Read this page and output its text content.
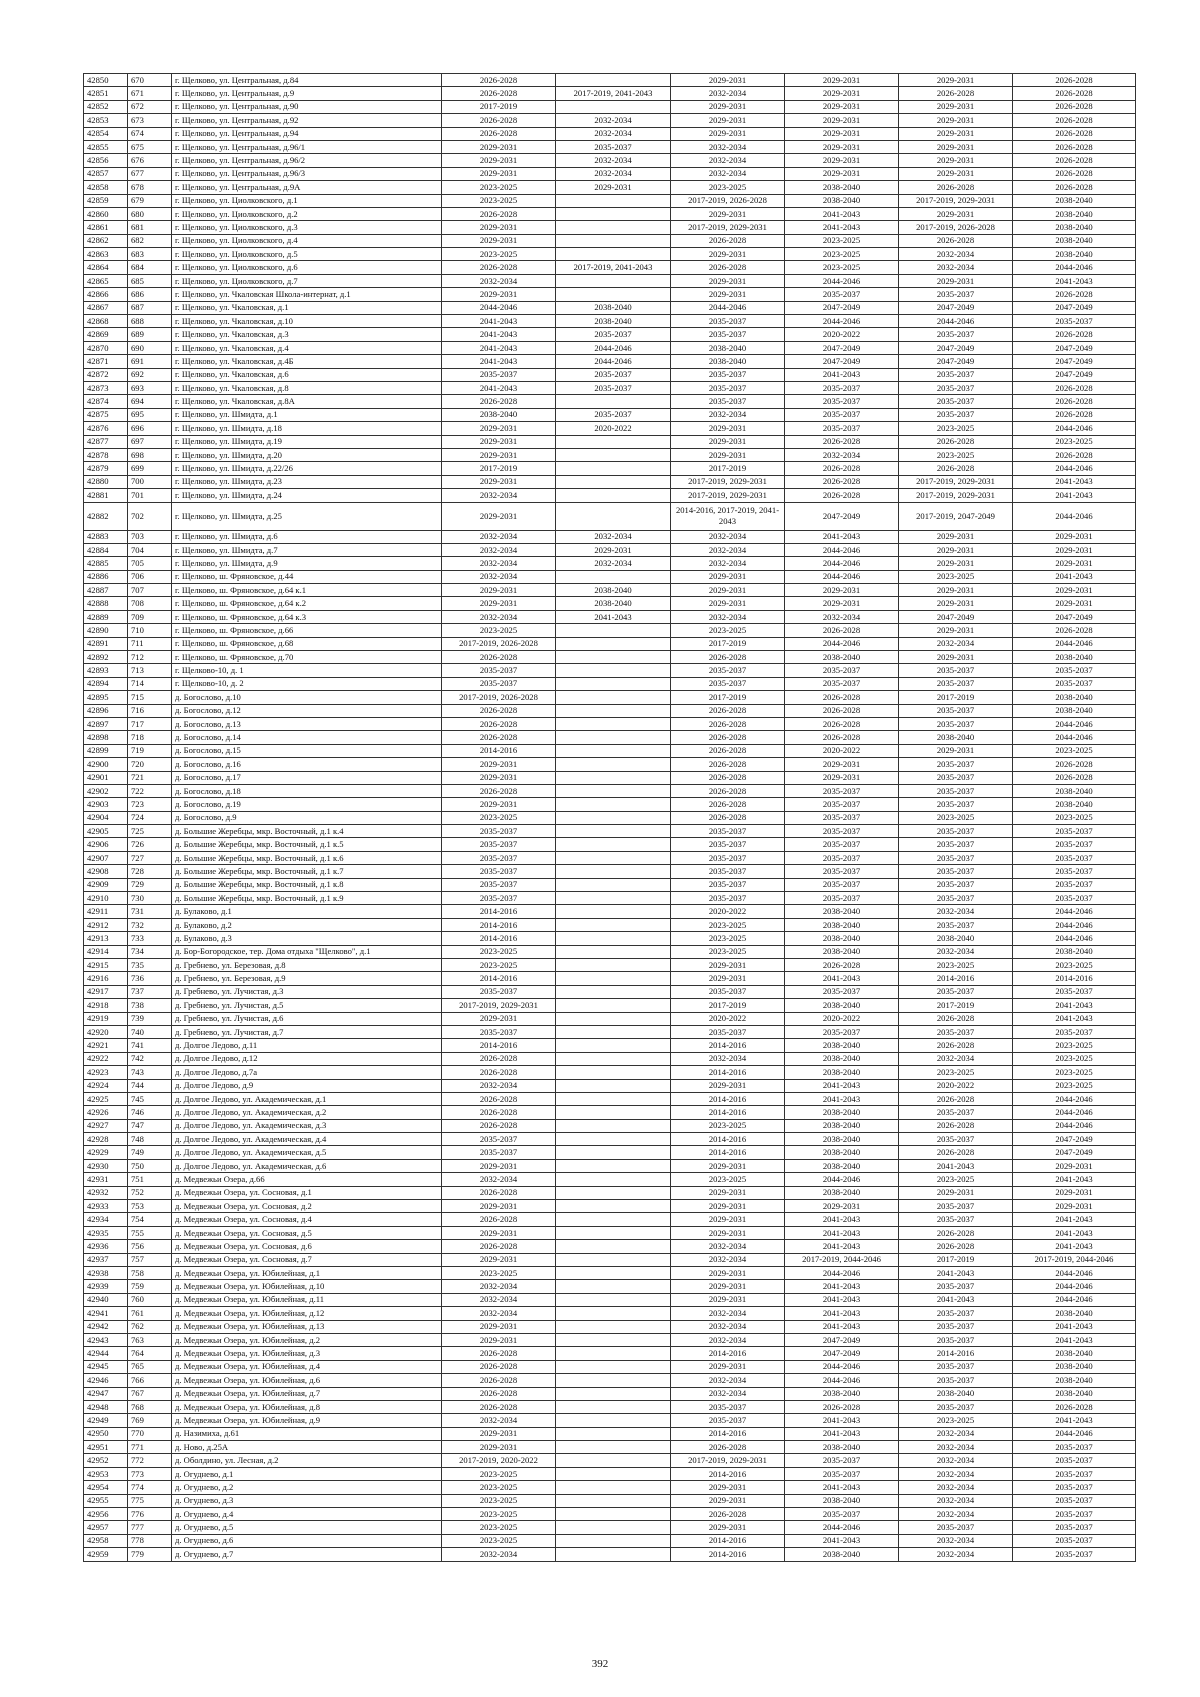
42850	670	г. Щелково, ул. Центральная, д.84	2026-2028		2029-2031	2029-2031	2029-2031	2026-2028
42851	671	г. Щелково, ул. Центральная, д.9	2026-2028	2017-2019, 2041-2043	2032-2034	2029-2031	2026-2028	2026-2028
42852	672	г. Щелково, ул. Центральная, д.90	2017-2019		2029-2031	2029-2031	2029-2031	2026-2028
42853	673	г. Щелково, ул. Центральная, д.92	2026-2028	2032-2034	2029-2031	2029-2031	2029-2031	2026-2028
42854	674	г. Щелково, ул. Центральная, д.94	2026-2028	2032-2034	2029-2031	2029-2031	2029-2031	2026-2028
42855	675	г. Щелково, ул. Центральная, д.96/1	2029-2031	2035-2037	2032-2034	2029-2031	2029-2031	2026-2028
42856	676	г. Щелково, ул. Центральная, д.96/2	2029-2031	2032-2034	2032-2034	2029-2031	2029-2031	2026-2028
42857	677	г. Щелково, ул. Центральная, д.96/3	2029-2031	2032-2034	2032-2034	2029-2031	2029-2031	2026-2028
42858	678	г. Щелково, ул. Центральная, д.9А	2023-2025	2029-2031	2023-2025	2038-2040	2026-2028	2026-2028
42859	679	г. Щелково, ул. Циолковского, д.1	2023-2025		2017-2019, 2026-2028	2038-2040	2017-2019, 2029-2031	2038-2040
42860	680	г. Щелково, ул. Циолковского, д.2	2026-2028		2029-2031	2041-2043	2029-2031	2038-2040
42861	681	г. Щелково, ул. Циолковского, д.3	2029-2031		2017-2019, 2029-2031	2041-2043	2017-2019, 2026-2028	2038-2040
42862	682	г. Щелково, ул. Циолковского, д.4	2029-2031		2026-2028	2023-2025	2026-2028	2038-2040
42863	683	г. Щелково, ул. Циолковского, д.5	2023-2025		2029-2031	2023-2025	2032-2034	2038-2040
42864	684	г. Щелково, ул. Циолковского, д.6	2026-2028	2017-2019, 2041-2043	2026-2028	2023-2025	2032-2034	2044-2046
42865	685	г. Щелково, ул. Циолковского, д.7	2032-2034		2029-2031	2044-2046	2029-2031	2041-2043
42866	686	г. Щелково, ул. Чкаловская Школа-интернат, д.1	2029-2031		2029-2031	2035-2037	2035-2037	2026-2028
42867	687	г. Щелково, ул. Чкаловская, д.1	2044-2046	2038-2040	2044-2046	2047-2049	2047-2049	2047-2049
42868	688	г. Щелково, ул. Чкаловская, д.10	2041-2043	2038-2040	2035-2037	2044-2046	2044-2046	2035-2037
42869	689	г. Щелково, ул. Чкаловская, д.3	2041-2043	2035-2037	2035-2037	2020-2022	2035-2037	2026-2028
42870	690	г. Щелково, ул. Чкаловская, д.4	2041-2043	2044-2046	2038-2040	2047-2049	2047-2049	2047-2049
42871	691	г. Щелково, ул. Чкаловская, д.4Б	2041-2043	2044-2046	2038-2040	2047-2049	2047-2049	2047-2049
42872	692	г. Щелково, ул. Чкаловская, д.6	2035-2037	2035-2037	2035-2037	2041-2043	2035-2037	2047-2049
42873	693	г. Щелково, ул. Чкаловская, д.8	2041-2043	2035-2037	2035-2037	2035-2037	2035-2037	2026-2028
42874	694	г. Щелково, ул. Чкаловская, д.8А	2026-2028		2035-2037	2035-2037	2035-2037	2026-2028
42875	695	г. Щелково, ул. Шмидта, д.1	2038-2040	2035-2037	2032-2034	2035-2037	2035-2037	2026-2028
42876	696	г. Щелково, ул. Шмидта, д.18	2029-2031	2020-2022	2029-2031	2035-2037	2023-2025	2044-2046
42877	697	г. Щелково, ул. Шмидта, д.19	2029-2031		2029-2031	2026-2028	2026-2028	2023-2025
42878	698	г. Щелково, ул. Шмидта, д.20	2029-2031		2029-2031	2032-2034	2023-2025	2026-2028
42879	699	г. Щелково, ул. Шмидта, д.22/26	2017-2019		2017-2019	2026-2028	2026-2028	2044-2046
42880	700	г. Щелково, ул. Шмидта, д.23	2029-2031		2017-2019, 2029-2031	2026-2028	2017-2019, 2029-2031	2041-2043
42881	701	г. Щелково, ул. Шмидта, д.24	2032-2034		2017-2019, 2029-2031	2026-2028	2017-2019, 2029-2031	2041-2043
42882	702	г. Щелково, ул. Шмидта, д.25	2029-2031		2014-2016, 2017-2019, 2041-2043	2047-2049	2017-2019, 2047-2049	2044-2046
42883	703	г. Щелково, ул. Шмидта, д.6	2032-2034	2032-2034	2032-2034	2041-2043	2029-2031	2029-2031
42884	704	г. Щелково, ул. Шмидта, д.7	2032-2034	2029-2031	2032-2034	2044-2046	2029-2031	2029-2031
42885	705	г. Щелково, ул. Шмидта, д.9	2032-2034	2032-2034	2032-2034	2044-2046	2029-2031	2029-2031
42886	706	г. Щелково, ш. Фряновское, д.44	2032-2034		2029-2031	2044-2046	2023-2025	2041-2043
42887	707	г. Щелково, ш. Фряновское, д.64 к.1	2029-2031	2038-2040	2029-2031	2029-2031	2029-2031	2029-2031
42888	708	г. Щелково, ш. Фряновское, д.64 к.2	2029-2031	2038-2040	2029-2031	2029-2031	2029-2031	2029-2031
42889	709	г. Щелково, ш. Фряновское, д.64 к.3	2032-2034	2041-2043	2032-2034	2032-2034	2047-2049	2047-2049
42890	710	г. Щелково, ш. Фряновское, д.66	2023-2025		2023-2025	2026-2028	2029-2031	2026-2028
42891	711	г. Щелково, ш. Фряновское, д.68	2017-2019, 2026-2028		2017-2019	2044-2046	2032-2034	2044-2046
42892	712	г. Щелково, ш. Фряновское, д.70	2026-2028		2026-2028	2038-2040	2029-2031	2038-2040
42893	713	г. Щелково-10, д. 1	2035-2037		2035-2037	2035-2037	2035-2037	2035-2037
42894	714	г. Щелково-10, д. 2	2035-2037		2035-2037	2035-2037	2035-2037	2035-2037
42895	715	д. Богослово, д.10	2017-2019, 2026-2028		2017-2019	2026-2028	2017-2019	2038-2040
42896	716	д. Богослово, д.12	2026-2028		2026-2028	2026-2028	2035-2037	2038-2040
42897	717	д. Богослово, д.13	2026-2028		2026-2028	2026-2028	2035-2037	2044-2046
42898	718	д. Богослово, д.14	2026-2028		2026-2028	2026-2028	2038-2040	2044-2046
42899	719	д. Богослово, д.15	2014-2016		2026-2028	2020-2022	2029-2031	2023-2025
42900	720	д. Богослово, д.16	2029-2031		2026-2028	2029-2031	2035-2037	2026-2028
42901	721	д. Богослово, д.17	2029-2031		2026-2028	2029-2031	2035-2037	2026-2028
42902	722	д. Богослово, д.18	2026-2028		2026-2028	2035-2037	2035-2037	2038-2040
42903	723	д. Богослово, д.19	2029-2031		2026-2028	2035-2037	2035-2037	2038-2040
42904	724	д. Богослово, д.9	2023-2025		2026-2028	2035-2037	2023-2025	2023-2025
42905	725	д. Большие Жеребцы, мкр. Восточный, д.1 к.4	2035-2037		2035-2037	2035-2037	2035-2037	2035-2037
42906	726	д. Большие Жеребцы, мкр. Восточный, д.1 к.5	2035-2037		2035-2037	2035-2037	2035-2037	2035-2037
42907	727	д. Большие Жеребцы, мкр. Восточный, д.1 к.6	2035-2037		2035-2037	2035-2037	2035-2037	2035-2037
42908	728	д. Большие Жеребцы, мкр. Восточный, д.1 к.7	2035-2037		2035-2037	2035-2037	2035-2037	2035-2037
42909	729	д. Большие Жеребцы, мкр. Восточный, д.1 к.8	2035-2037		2035-2037	2035-2037	2035-2037	2035-2037
42910	730	д. Большие Жеребцы, мкр. Восточный, д.1 к.9	2035-2037		2035-2037	2035-2037	2035-2037	2035-2037
42911	731	д. Булаково, д.1	2014-2016		2020-2022	2038-2040	2032-2034	2044-2046
42912	732	д. Булаково, д.2	2014-2016		2023-2025	2038-2040	2035-2037	2044-2046
42913	733	д. Булаково, д.3	2014-2016		2023-2025	2038-2040	2038-2040	2044-2046
42914	734	д. Бор-Богородское, тер. Дома отдыха "Щелково", д.1	2023-2025		2023-2025	2038-2040	2032-2034	2038-2040
42915	735	д. Гребнево, ул. Березовая, д.8	2023-2025		2029-2031	2026-2028	2023-2025	2023-2025
42916	736	д. Гребнево, ул. Березовая, д.9	2014-2016		2029-2031	2041-2043	2014-2016	2014-2016
42917	737	д. Гребнево, ул. Лучистая, д.3	2035-2037		2035-2037	2035-2037	2035-2037	2035-2037
42918	738	д. Гребнево, ул. Лучистая, д.5	2017-2019, 2029-2031		2017-2019	2038-2040	2017-2019	2041-2043
42919	739	д. Гребнево, ул. Лучистая, д.6	2029-2031		2020-2022	2020-2022	2026-2028	2041-2043
42920	740	д. Гребнево, ул. Лучистая, д.7	2035-2037		2035-2037	2035-2037	2035-2037	2035-2037
42921	741	д. Долгое Ледово, д.11	2014-2016		2014-2016	2038-2040	2026-2028	2023-2025
42922	742	д. Долгое Ледово, д.12	2026-2028		2032-2034	2038-2040	2032-2034	2023-2025
42923	743	д. Долгое Ледово, д.7а	2026-2028		2014-2016	2038-2040	2023-2025	2023-2025
42924	744	д. Долгое Ледово, д.9	2032-2034		2029-2031	2041-2043	2020-2022	2023-2025
42925	745	д. Долгое Ледово, ул. Академическая, д.1	2026-2028		2014-2016	2041-2043	2026-2028	2044-2046
42926	746	д. Долгое Ледово, ул. Академическая, д.2	2026-2028		2014-2016	2038-2040	2035-2037	2044-2046
42927	747	д. Долгое Ледово, ул. Академическая, д.3	2026-2028		2023-2025	2038-2040	2026-2028	2044-2046
42928	748	д. Долгое Ледово, ул. Академическая, д.4	2035-2037		2014-2016	2038-2040	2035-2037	2047-2049
42929	749	д. Долгое Ледово, ул. Академическая, д.5	2035-2037		2014-2016	2038-2040	2026-2028	2047-2049
42930	750	д. Долгое Ледово, ул. Академическая, д.6	2029-2031		2029-2031	2038-2040	2041-2043	2029-2031
42931	751	д. Медвежьи Озера, д.66	2032-2034		2023-2025	2044-2046	2023-2025	2041-2043
42932	752	д. Медвежьи Озера, ул. Сосновая, д.1	2026-2028		2029-2031	2038-2040	2029-2031	2029-2031
42933	753	д. Медвежьи Озера, ул. Сосновая, д.2	2029-2031		2029-2031	2029-2031	2035-2037	2029-2031
42934	754	д. Медвежьи Озера, ул. Сосновая, д.4	2026-2028		2029-2031	2041-2043	2035-2037	2041-2043
42935	755	д. Медвежьи Озера, ул. Сосновая, д.5	2029-2031		2029-2031	2041-2043	2026-2028	2041-2043
42936	756	д. Медвежьи Озера, ул. Сосновая, д.6	2026-2028		2032-2034	2041-2043	2026-2028	2041-2043
42937	757	д. Медвежьи Озера, ул. Сосновая, д.7	2029-2031		2032-2034	2017-2019, 2044-2046	2017-2019	2017-2019, 2044-2046
42938	758	д. Медвежьи Озера, ул. Юбилейная, д.1	2023-2025		2029-2031	2044-2046	2041-2043	2044-2046
42939	759	д. Медвежьи Озера, ул. Юбилейная, д.10	2032-2034		2029-2031	2041-2043	2035-2037	2044-2046
42940	760	д. Медвежьи Озера, ул. Юбилейная, д.11	2032-2034		2029-2031	2041-2043	2041-2043	2044-2046
42941	761	д. Медвежьи Озера, ул. Юбилейная, д.12	2032-2034		2032-2034	2041-2043	2035-2037	2038-2040
42942	762	д. Медвежьи Озера, ул. Юбилейная, д.13	2029-2031		2032-2034	2041-2043	2035-2037	2041-2043
42943	763	д. Медвежьи Озера, ул. Юбилейная, д.2	2029-2031		2032-2034	2047-2049	2035-2037	2041-2043
42944	764	д. Медвежьи Озера, ул. Юбилейная, д.3	2026-2028		2014-2016	2047-2049	2014-2016	2038-2040
42945	765	д. Медвежьи Озера, ул. Юбилейная, д.4	2026-2028		2029-2031	2044-2046	2035-2037	2038-2040
42946	766	д. Медвежьи Озера, ул. Юбилейная, д.6	2026-2028		2032-2034	2044-2046	2035-2037	2038-2040
42947	767	д. Медвежьи Озера, ул. Юбилейная, д.7	2026-2028		2032-2034	2038-2040	2038-2040	2038-2040
42948	768	д. Медвежьи Озера, ул. Юбилейная, д.8	2026-2028		2035-2037	2026-2028	2035-2037	2026-2028
42949	769	д. Медвежьи Озера, ул. Юбилейная, д.9	2032-2034		2035-2037	2041-2043	2023-2025	2041-2043
42950	770	д. Назимиха, д.61	2029-2031		2014-2016	2041-2043	2032-2034	2044-2046
42951	771	д. Ново, д.25А	2029-2031		2026-2028	2038-2040	2032-2034	2035-2037
42952	772	д. Оболдино, ул. Лесная, д.2	2017-2019, 2020-2022		2017-2019, 2029-2031	2035-2037	2032-2034	2035-2037
42953	773	д. Огуднево, д.1	2023-2025		2014-2016	2035-2037	2032-2034	2035-2037
42954	774	д. Огуднево, д.2	2023-2025		2029-2031	2041-2043	2032-2034	2035-2037
42955	775	д. Огуднево, д.3	2023-2025		2029-2031	2038-2040	2032-2034	2035-2037
42956	776	д. Огуднево, д.4	2023-2025		2026-2028	2035-2037	2032-2034	2035-2037
42957	777	д. Огуднево, д.5	2023-2025		2029-2031	2044-2046	2035-2037	2035-2037
42958	778	д. Огуднево, д.6	2023-2025		2014-2016	2041-2043	2032-2034	2035-2037
42959	779	д. Огуднево, д.7	2032-2034		2014-2016	2038-2040	2032-2034	2035-2037
392
